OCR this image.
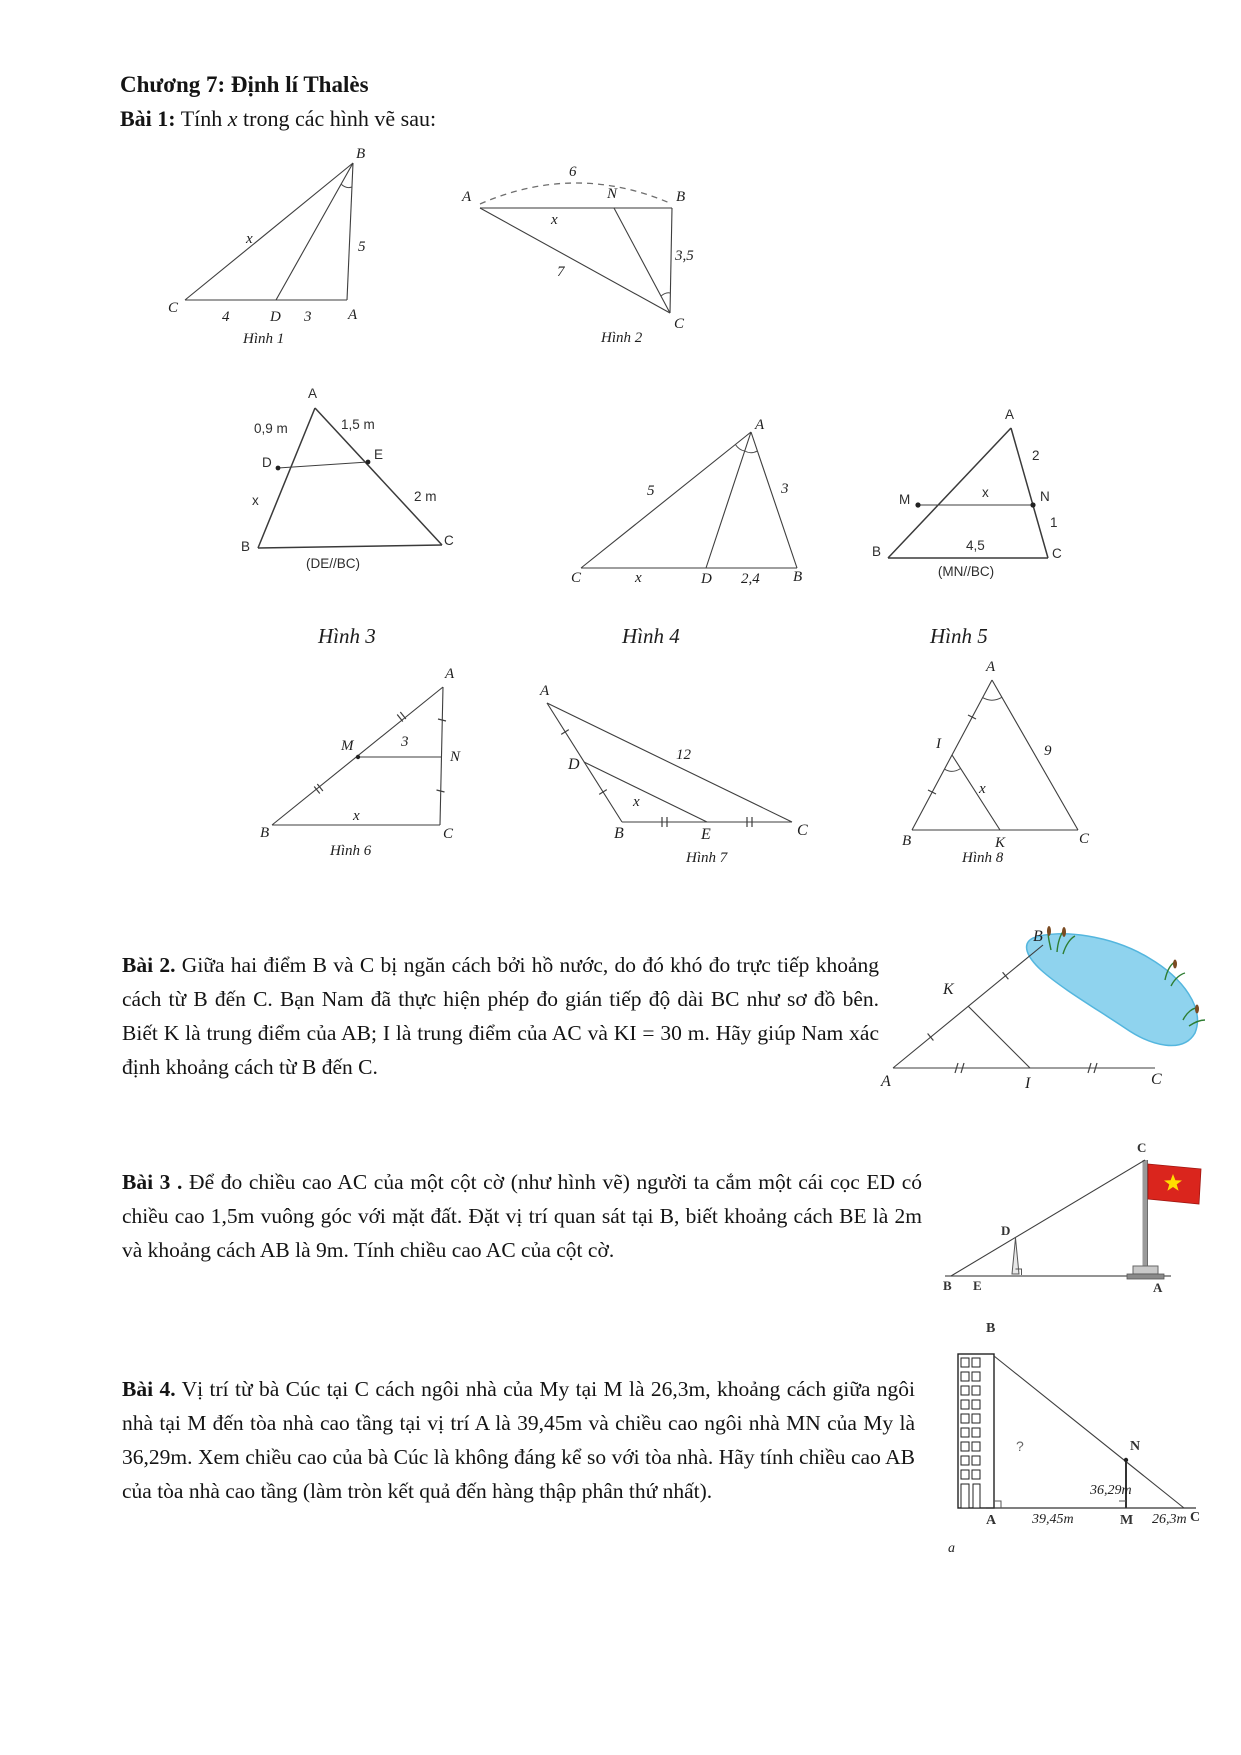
Chương 7: Định lí Thalès
Bài 1: Tính x trong các hình vẽ sau:
B
x	5
C
4	D 3 A
Hình 1
6
A	N	B
x
7
3,5
C
Hình 2
A
0,9 m	1,5 m
D
E
x	2 m
B	C
(DE//BC)
Hình 3
A
5	3
C	x	D 2,4 B
Hình 4
A
2
M	x	N
1
B	4,5
C
(MN//BC)
Hình 5
A
M	3
N
x
B	C
Hình 6
A
D
12
x
B	E	C
Hình 7
A
I	9
x
B	K	C
Hình 8
Bài 2. Giữa hai điểm B và C bị ngăn cách bởi hồ nước, do đó khó đo trực tiếp khoảng cách từ B đến C. Bạn Nam đã thực hiện phép đo gián tiếp độ dài BC như sơ đồ bên. Biết K là trung điểm của AB; I là trung điểm của AC và KI = 30 m. Hãy giúp Nam xác định khoảng cách từ B đến C.
B
K
A	I	C
Bài 3 . Để đo chiều cao AC của một cột cờ (như hình vẽ) người ta cắm một cái cọc ED có chiều cao 1,5m vuông góc với mặt đất. Đặt vị trí quan sát tại B, biết khoảng cách BE là 2m và khoảng cách AB là 9m. Tính chiều cao AC của cột cờ.
C
D
B E	A
Bài 4. Vị trí từ bà Cúc tại C cách ngôi nhà của My tại M là 26,3m, khoảng cách giữa ngôi nhà tại M đến tòa nhà cao tầng tại vị trí A là 39,45m và chiều cao ngôi nhà MN của My là 36,29m. Xem chiều cao của bà Cúc là không đáng kể so với tòa nhà. Hãy tính chiều cao AB của tòa nhà cao tầng (làm tròn kết quả đến hàng thập phân thứ nhất).
?
B
N
36,29m
A	39,45m	M 26,3m C
a
